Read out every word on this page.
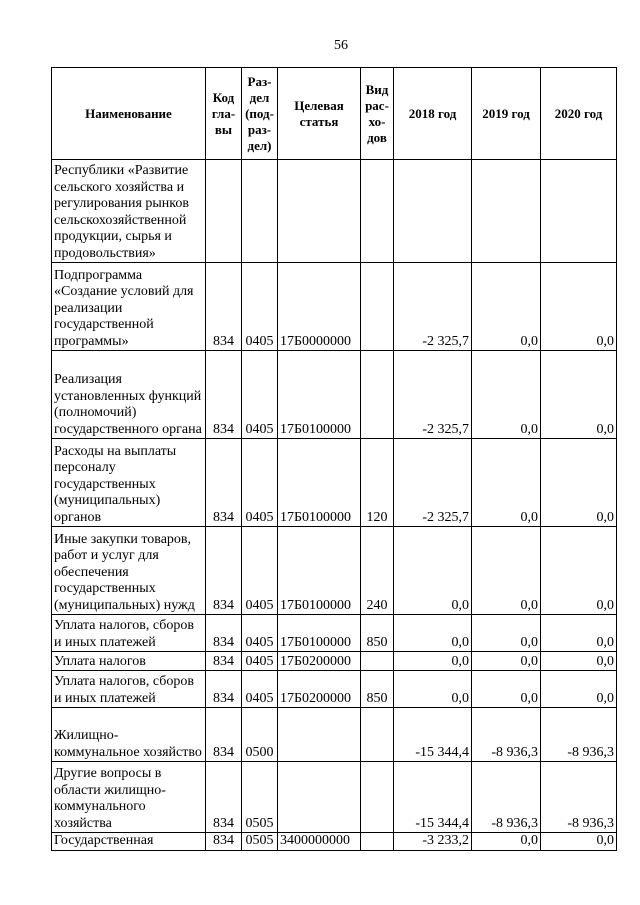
56
Наименование	Код
гла-
вы	Раз-
дел
(под-
раз-
дел)	Целевая
статья	Вид
рас-
хо-
дов	2018 год	2019 год	2020 год
Республики «Развитие сельского хозяйства и регулирования рынков сельскохозяйственной продукции, сырья и продовольствия»							
Подпрограмма «Создание условий для реализации государственной программы»	834	0405	17Б0000000		-2 325,7	0,0	0,0
Реализация установленных функций (полномочий) государственного органа	834	0405	17Б0100000		-2 325,7	0,0	0,0
Расходы на выплаты персоналу государственных (муниципальных) органов	834	0405	17Б0100000	120	-2 325,7	0,0	0,0
Иные закупки товаров, работ и услуг для обеспечения государственных (муниципальных) нужд	834	0405	17Б0100000	240	0,0	0,0	0,0
Уплата налогов, сборов и иных платежей	834	0405	17Б0100000	850	0,0	0,0	0,0
Уплата налогов	834	0405	17Б0200000		0,0	0,0	0,0
Уплата налогов, сборов и иных платежей	834	0405	17Б0200000	850	0,0	0,0	0,0
Жилищно-коммунальное хозяйство	834	0500			-15 344,4	-8 936,3	-8 936,3
Другие вопросы в области жилищно-коммунального хозяйства	834	0505			-15 344,4	-8 936,3	-8 936,3
Государственная	834	0505	3400000000		-3 233,2	0,0	0,0
